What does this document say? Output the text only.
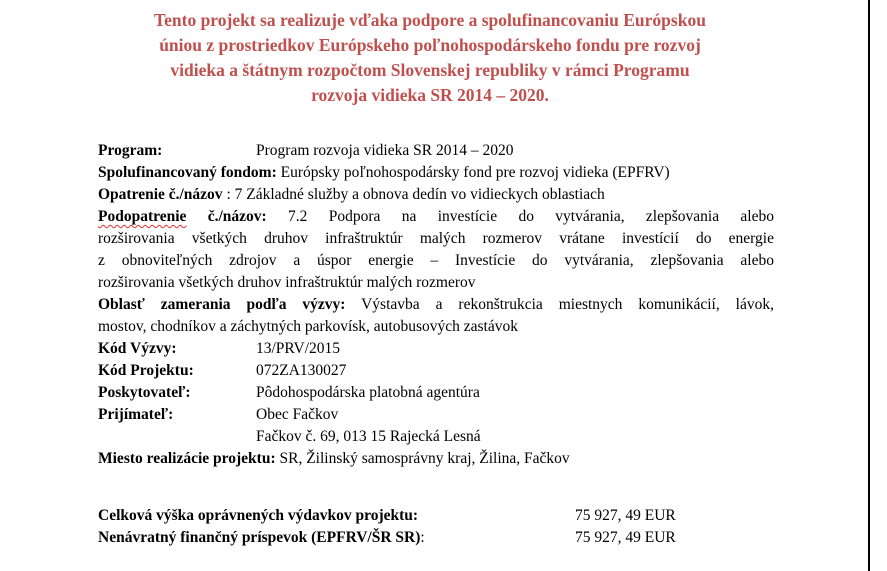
Tento projekt sa realizuje vďaka podpore a spolufinancovaniu Európskou
úniou z prostriedkov Európskeho poľnohospodárskeho fondu pre rozvoj
vidieka a štátnym rozpočtom Slovenskej republiky v rámci Programu
rozvoja vidieka SR 2014 – 2020.
Program:	Program rozvoja vidieka SR 2014 – 2020
Spolufinancovaný fondom: Európsky poľnohospodársky fond pre rozvoj vidieka (EPFRV)
Opatrenie č./názov : 7 Základné služby a obnova dedín vo vidieckych oblastiach
Podopatrenie č./názov: 7.2 Podpora na investície do vytvárania, zlepšovania alebo
rozširovania všetkých druhov infraštruktúr malých rozmerov vrátane investícií do energie
z obnoviteľných zdrojov a úspor energie – Investície do vytvárania, zlepšovania alebo
rozširovania všetkých druhov infraštruktúr malých rozmerov
Oblasť zamerania podľa výzvy: Výstavba a rekonštrukcia miestnych komunikácií, lávok,
mostov, chodníkov a záchytných parkovísk, autobusových zastávok
Kód Výzvy:	13/PRV/2015
Kód Projektu:	072ZA130027
Poskytovateľ:	Pôdohospodárska platobná agentúra
Prijímateľ:	Obec Fačkov
Fačkov č. 69, 013 15 Rajecká Lesná
Miesto realizácie projektu: SR, Žilinský samosprávny kraj, Žilina, Fačkov
Celková výška oprávnených výdavkov projektu:	75 927, 49 EUR
Nenávratný finančný príspevok (EPFRV/ŠR SR):	75 927, 49 EUR
